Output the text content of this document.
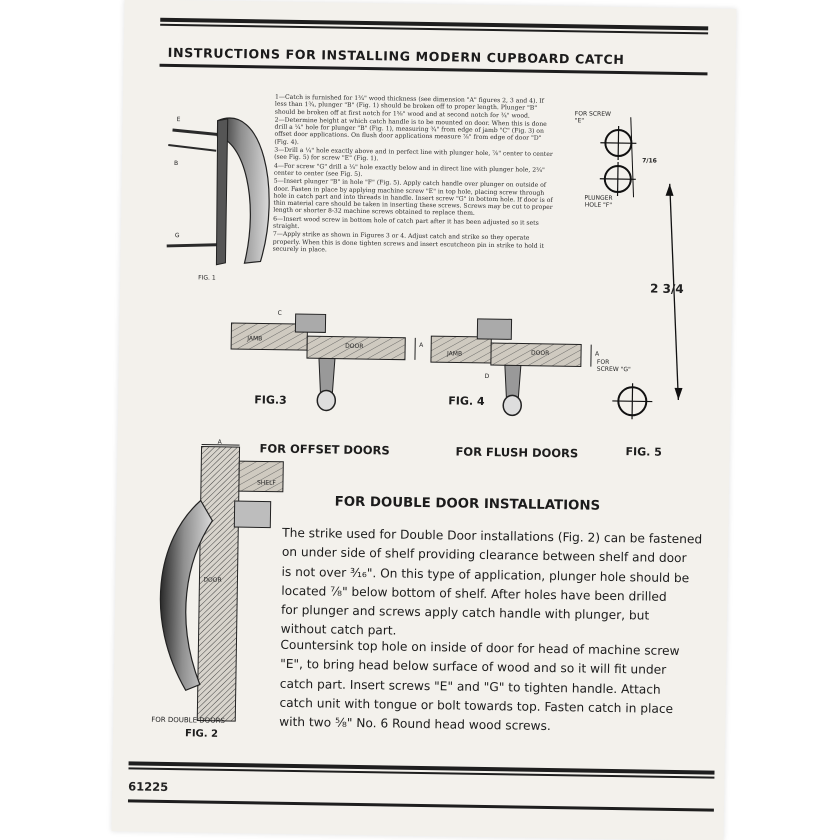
INSTRUCTIONS FOR INSTALLING MODERN CUPBOARD CATCH

1—Catch is furnished for 1¾" wood thickness (see dimension "A" figures 2, 3 and 4). If less than 1¾, plunger "B" (Fig. 1) should be broken off to proper length. Plunger "B" should be broken off at first notch for 1⅝" wood and at second notch for ¾" wood.

2—Determine height at which catch handle is to be mounted on door. When this is done drill a ¼" hole for plunger "B" (Fig. 1), measuring ¾" from edge of jamb "C" (Fig. 3) on offset door applications. On flush door applications measure ⅞" from edge of door "D" (Fig. 4).

3—Drill a ¼" hole exactly above and in perfect line with plunger hole, ⅞" center to center (see Fig. 5) for screw "E" (Fig. 1).

4—For screw "G" drill a ¼" hole exactly below and in direct line with plunger hole, 2¾" center to center (see Fig. 5).

5—Insert plunger "B" in hole "F" (Fig. 5). Apply catch handle over plunger on outside of door. Fasten in place by applying machine screw "E" in top hole, placing screw through hole in catch part and into threads in handle. Insert screw "G" in bottom hole. If door is of thin material care should be taken in inserting these screws. Screws may be cut to proper length or shorter 8-32 machine screws obtained to replace them.

6—Insert wood screw in bottom hole of catch part after it has been adjusted so it sets straight.

7—Apply strike as shown in Figures 3 or 4. Adjust catch and strike so they operate properly. When this is done tighten screws and insert escutcheon pin in strike to hold it securely in place.

E
B
G
FIG. 1
C
JAMB
DOOR	A
FIG.3
JAMB	DOOR
D
A
FIG. 4
FOR SCREW "E"
7/16
PLUNGER HOLE "F"
2 3/4
FOR SCREW "G"
FIG. 5
FOR OFFSET DOORS	FOR FLUSH DOORS
A
SHELF
DOOR
FOR DOUBLE DOORS
FIG. 2
FOR DOUBLE DOOR INSTALLATIONS
The strike used for Double Door installations (Fig. 2) can be fastened
on under side of shelf providing clearance between shelf and door
is not over ³⁄₁₆". On this type of application, plunger hole should be
located ⅞" below bottom of shelf. After holes have been drilled
for plunger and screws apply catch handle with plunger, but
without catch part.
Countersink top hole on inside of door for head of machine screw
"E", to bring head below surface of wood and so it will fit under
catch part. Insert screws "E" and "G" to tighten handle. Attach
catch unit with tongue or bolt towards top. Fasten catch in place
with two ⅝" No. 6 Round head wood screws.
61225
